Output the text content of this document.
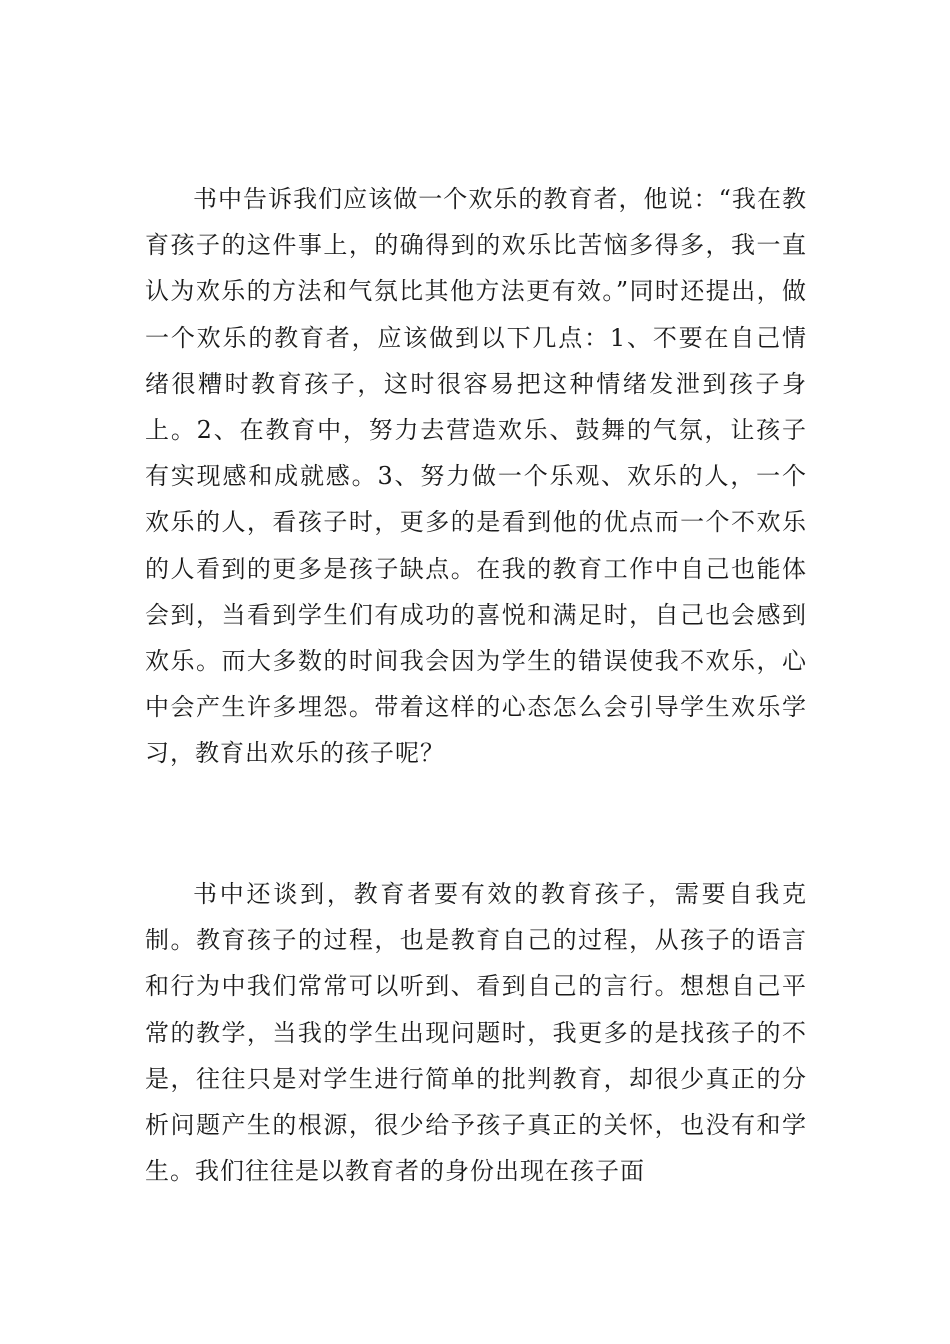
书中告诉我们应该做一个欢乐的教育者，他说：“我在教育孩子的这件事上，的确得到的欢乐比苦恼多得多，我一直认为欢乐的方法和气氛比其他方法更有效。”同时还提出，做一个欢乐的教育者，应该做到以下几点：1、不要在自己情绪很糟时教育孩子，这时很容易把这种情绪发泄到孩子身上。2、在教育中，努力去营造欢乐、鼓舞的气氛，让孩子有实现感和成就感。3、努力做一个乐观、欢乐的人，一个欢乐的人，看孩子时，更多的是看到他的优点而一个不欢乐的人看到的更多是孩子缺点。在我的教育工作中自己也能体会到，当看到学生们有成功的喜悦和满足时，自己也会感到欢乐。而大多数的时间我会因为学生的错误使我不欢乐，心中会产生许多埋怨。带着这样的心态怎么会引导学生欢乐学习，教育出欢乐的孩子呢？

书中还谈到，教育者要有效的教育孩子，需要自我克制。教育孩子的过程，也是教育自己的过程，从孩子的语言和行为中我们常常可以听到、看到自己的言行。想想自己平常的教学，当我的学生出现问题时，我更多的是找孩子的不是，往往只是对学生进行简单的批判教育，却很少真正的分析问题产生的根源，很少给予孩子真正的关怀，也没有和学生。我们往往是以教育者的身份出现在孩子面
